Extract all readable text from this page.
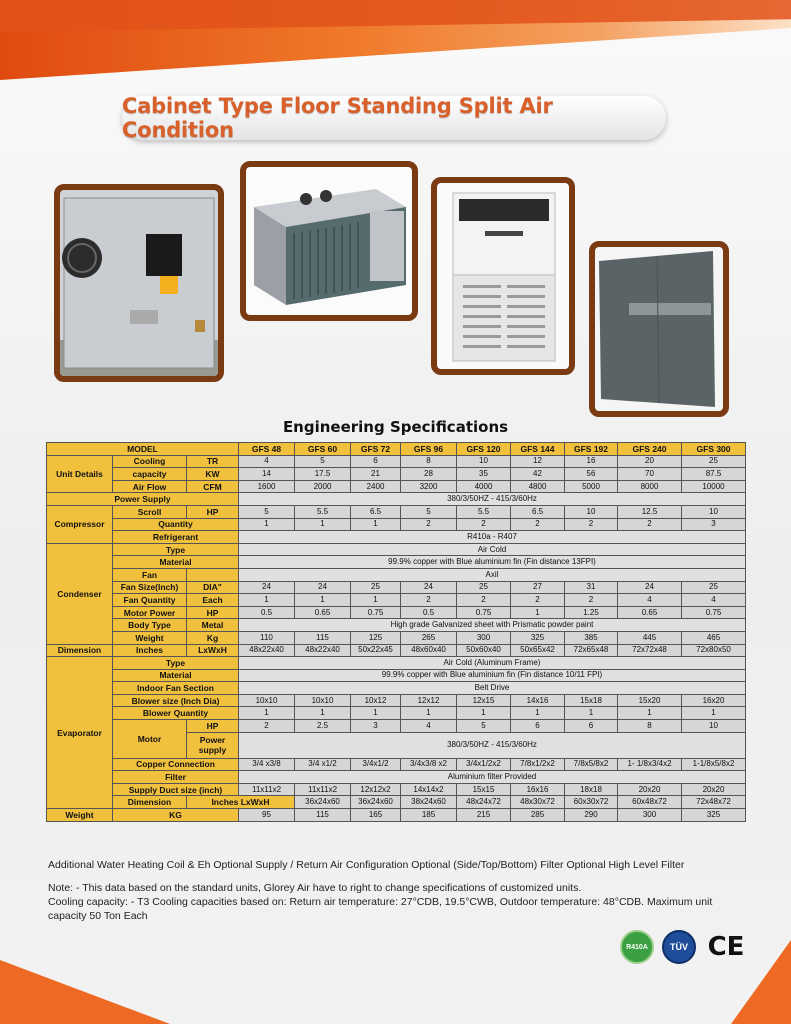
Cabinet Type Floor Standing Split Air Condition
Engineering Specifications
MODEL			GFS 48	GFS 60	GFS 72	GFS 96	GFS 120	GFS 144	GFS 192	GFS 240	GFS 300	
Unit Details	Cooling	TR	4	5	6	8	10	12	16	20	25	
	capacity	KW	14	17.5	21	28	35	42	56	70	87.5	
	Air Flow	CFM	1600	2000	2400	3200	4000	4800	5000	8000	10000	
Power Supply			380/3/50HZ - 415/3/60Hz									
Compressor	Scroll	HP	5	5.5	6.5	5	5.5	6.5	10	12.5	10	
	Quantity		1	1	1	2	2	2	2	2	3	
	Refrigerant		R410a - R407									
Condenser	Type		Air Cold									
	Material		99.9% copper with Blue aluminium fin (Fin distance 13FPI)									
	Fan		Axil									
	Fan Size(Inch)	DIA"	24	24	25	24	25	27	31	24	25	
	Fan Quantity	Each	1	1	1	2	2	2	2	4	4	
	Motor Power	HP	0.5	0.65	0.75	0.5	0.75	1	1.25	0.65	0.75	
	Body Type	Metal	High grade Galvanized sheet with Prismatic powder paint									
	Weight	Kg	110	115	125	265	300	325	385	445	465	
Dimension	Inches	LxWxH	48x22x40	48x22x40	50x22x45	48x60x40	50x60x40	50x65x42	72x65x48	72x72x48	72x80x50	
Evaporator	Type		Air Cold (Aluminum Frame)									
	Material		99.9% copper with Blue aluminium fin (Fin distance 10/11 FPI)									
	Indoor Fan Section		Belt Drive									
	Blower size (Inch Dia)		10x10	10x10	10x12	12x12	12x15	14x16	15x18	15x20	16x20	
	Blower Quantity		1	1	1	1	1	1	1	1	1	
	Motor	HP	2	2.5	3	4	5	6	6	8	10	
		Power supply	380/3/50HZ - 415/3/60Hz									
	Copper Connection		3/4 x3/8	3/4 x1/2	3/4x1/2	3/4x3/8 x2	3/4x1/2x2	7/8x1/2x2	7/8x5/8x2	1- 1/8x3/4x2	1-1/8x5/8x2	
	Filter		Aluminium filter Provided									
	Supply Duct size (inch)		11x11x2	11x11x2	12x12x2	14x14x2	15x15	16x16	18x18	20x20	20x20	
	Dimension	Inches LxWxH		36x24x60	36x24x60	38x24x60	48x24x72	48x30x72	60x30x72	60x48x72	72x48x72	
Weight	KG		95	115	165	185	215	285	290	300	325	

Additional Water Heating Coil & Eh Optional Supply / Return Air Configuration Optional (Side/Top/Bottom) Filter Optional High Level Filter

Note: - This data based on the standard units, Glorey Air have to right to change specifications of customized units.

Cooling capacity: - T3 Cooling capacities based on: Return air temperature: 27°CDB, 19.5°CWB, Outdoor temperature: 48°CDB. Maximum unit capacity 50 Ton Each

R410A	TÜV CE
